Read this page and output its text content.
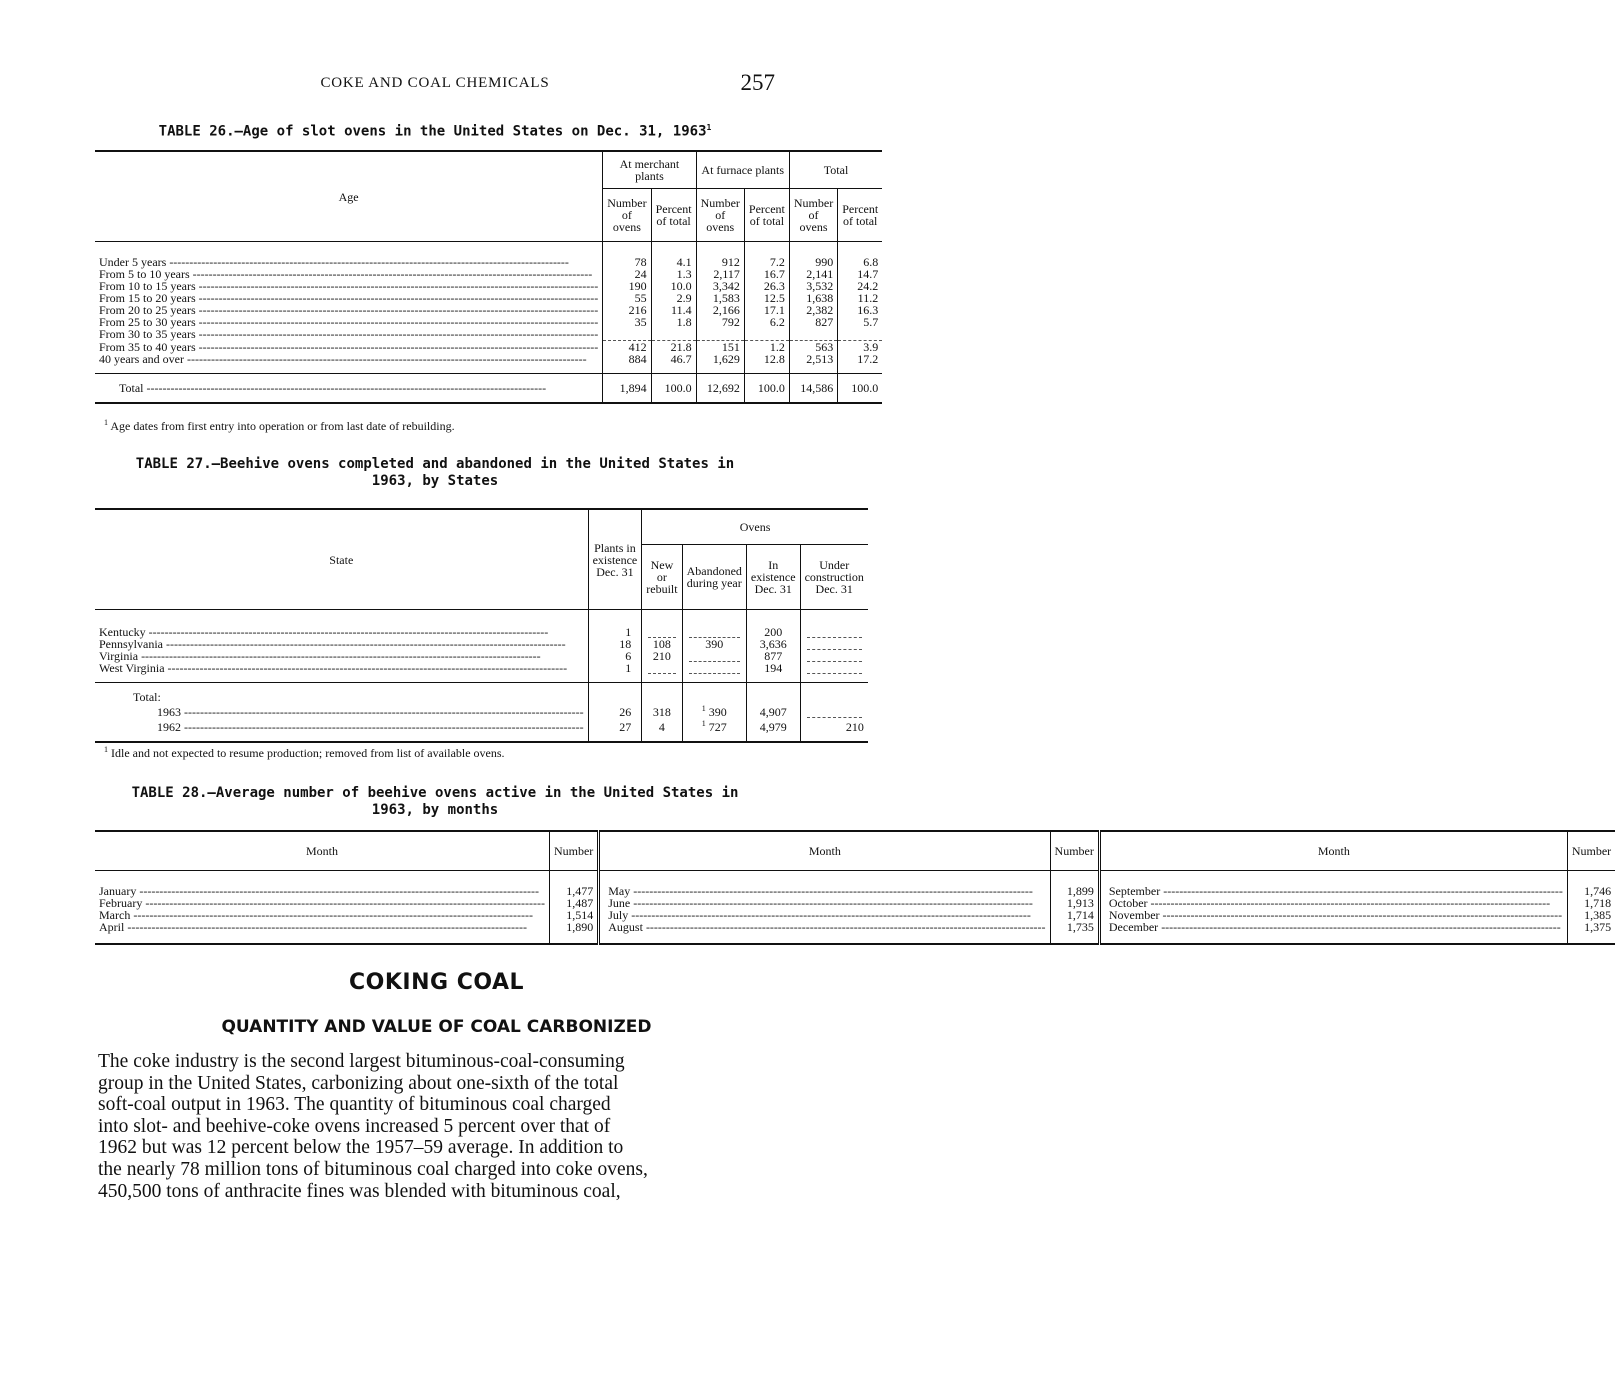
COKE AND COAL CHEMICALS	257
TABLE 26.—Age of slot ovens in the United States on Dec. 31, 1963$^1$
Age	At merchant plants		At furnace plants		Total	
	Number of ovens	Percent of total	Number of ovens	Percent of total	Number of ovens	Percent of total
Under 5 years -----	78	4.1	912	7.2	990	6.8
From 5 to 10 years -----	24	1.3	2,117	16.7	2,141	14.7
From 10 to 15 years -----	190	10.0	3,342	26.3	3,532	24.2
From 15 to 20 years -----	55	2.9	1,583	12.5	1,638	11.2
From 20 to 25 years -----	216	11.4	2,166	17.1	2,382	16.3
From 25 to 30 years -----	35	1.8	792	6.2	827	5.7
From 30 to 35 years -----						
From 35 to 40 years -----	412	21.8	151	1.2	563	3.9
40 years and over -----	884	46.7	1,629	12.8	2,513	17.2

Total -----	1,894	100.0	12,692	100.0	14,586	100.0
$^1$ Age dates from first entry into operation or from last date of rebuilding.
TABLE 27.—Beehive ovens completed and abandoned in the United States in
1963, by States
State	Plants in existence Dec. 31	Ovens			
		New or rebuilt	Abandoned during year	In existence Dec. 31	Under construction Dec. 31
Kentucky -----	1			200	

Pennsylvania -----	18	108	390	3,636	

Virginia -----	6	210		877	

West Virginia -----	1			194	

Total:					
1963 -----	26	318	$^1$ 390	4,907	

1962 -----	27	4	$^1$ 727	4,979	210

$^1$ Idle and not expected to resume production; removed from list of available ovens.
TABLE 28.—Average number of beehive ovens active in the United States in
1963, by months
Month	Number	Month	Number	Month	Number
January -----	1,477	May -----	1,899	September -----	1,746
February -----	1,487	June -----	1,913	October -----	1,718
March -----	1,514	July -----	1,714	November -----	1,385
April -----	1,890	August -----	1,735	December -----	1,375

COKING COAL
QUANTITY AND VALUE OF COAL CARBONIZED
The coke industry is the second largest bituminous-coal-consuming
group in the United States, carbonizing about one-sixth of the total
soft-coal output in 1963. The quantity of bituminous coal charged
into slot- and beehive-coke ovens increased 5 percent over that of
1962 but was 12 percent below the 1957–59 average. In addition to
the nearly 78 million tons of bituminous coal charged into coke ovens,
450,500 tons of anthracite fines was blended with bituminous coal,
